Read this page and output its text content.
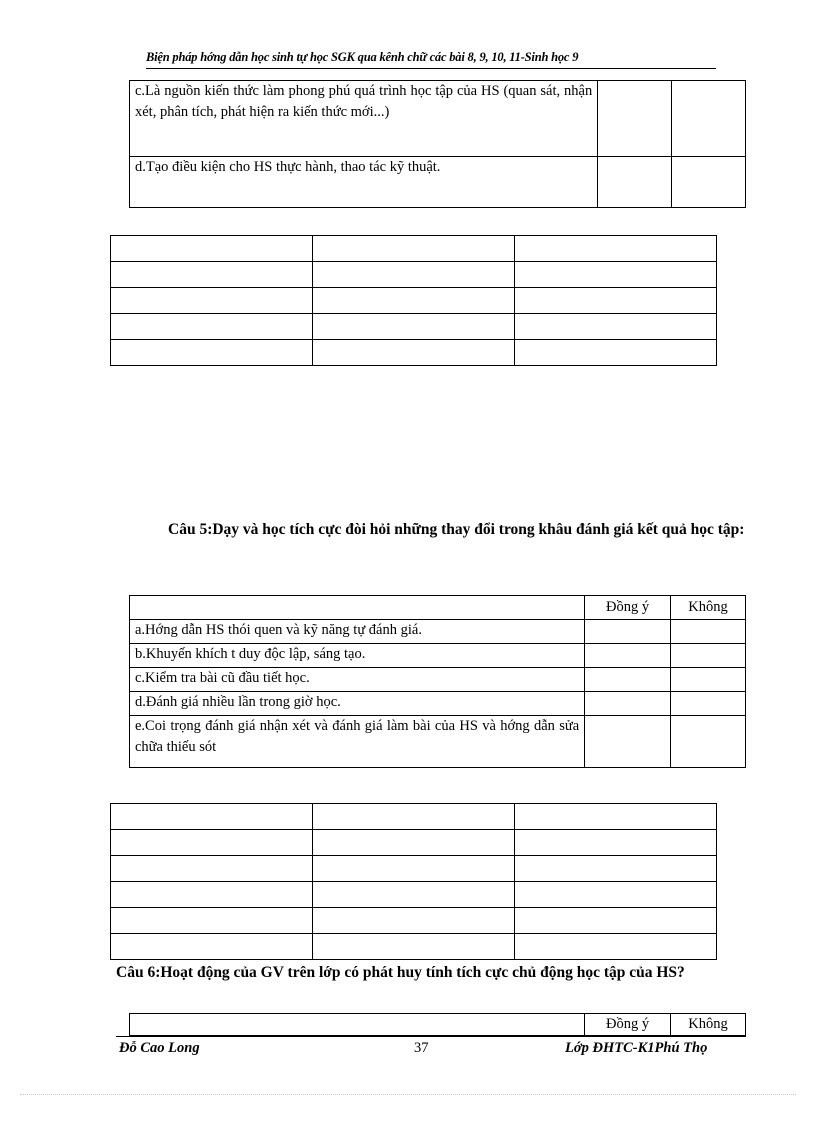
Biện pháp hớng dẫn học sinh tự học SGK qua kênh chữ các bài 8, 9, 10, 11-Sinh học 9
c.Là nguồn kiến thức làm phong phú quá trình học tập của HS (quan sát, nhận xét, phân tích, phát hiện ra kiến thức mới...)		
d.Tạo điều kiện cho HS thực hành, thao tác kỹ thuật.		

Câu 5:Dạy và học tích cực đòi hỏi những thay đổi trong khâu đánh giá kết quả học tập:
	Đồng ý	Không
a.Hớng dẫn HS thói quen và kỹ năng tự đánh giá.		
b.Khuyến khích t duy độc lập, sáng tạo.		
c.Kiểm tra bài cũ đầu tiết học.		
d.Đánh giá nhiều lần trong giờ học.		
e.Coi trọng đánh giá nhận xét và đánh giá làm bài của HS và hớng dẫn sửa chữa thiếu sót		

Câu 6:Hoạt động của GV trên lớp có phát huy tính tích cực chủ động học tập của HS?
	Đồng ý	Không
Đỗ Cao Long	37	Lớp ĐHTC-K1Phú Thọ
